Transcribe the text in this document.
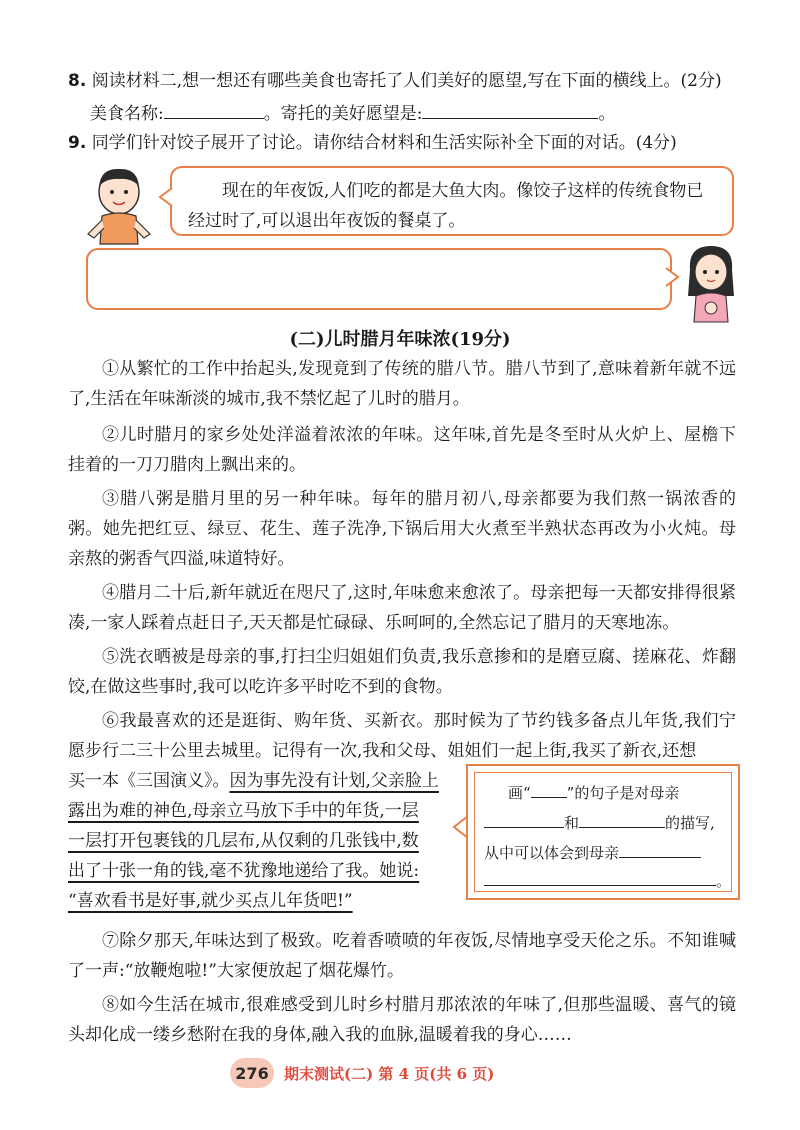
8. 阅读材料二,想一想还有哪些美食也寄托了人们美好的愿望,写在下面的横线上。(2分)
美食名称:	。寄托的美好愿望是:	。
9. 同学们针对饺子展开了讨论。请你结合材料和生活实际补全下面的对话。(4分)
现在的年夜饭,人们吃的都是大鱼大肉。像饺子这样的传统食物已经过时了,可以退出年夜饭的餐桌了。
(二)儿时腊月年味浓(19分)

①从繁忙的工作中抬起头,发现竟到了传统的腊八节。腊八节到了,意味着新年就不远了,生活在年味渐淡的城市,我不禁忆起了儿时的腊月。

②儿时腊月的家乡处处洋溢着浓浓的年味。这年味,首先是冬至时从火炉上、屋檐下挂着的一刀刀腊肉上飘出来的。

③腊八粥是腊月里的另一种年味。每年的腊月初八,母亲都要为我们熬一锅浓香的粥。她先把红豆、绿豆、花生、莲子洗净,下锅后用大火煮至半熟状态再改为小火炖。母亲熬的粥香气四溢,味道特好。

④腊月二十后,新年就近在咫尺了,这时,年味愈来愈浓了。母亲把每一天都安排得很紧凑,一家人踩着点赶日子,天天都是忙碌碌、乐呵呵的,全然忘记了腊月的天寒地冻。

⑤洗衣晒被是母亲的事,打扫尘归姐姐们负责,我乐意掺和的是磨豆腐、搓麻花、炸翻饺,在做这些事时,我可以吃许多平时吃不到的食物。

⑥我最喜欢的还是逛街、购年货、买新衣。那时候为了节约钱多备点儿年货,我们宁愿步行二三十公里去城里。记得有一次,我和父母、姐姐们一起上街,我买了新衣,还想

买一本《三国演义》。因为事先没有计划,父亲脸上
露出为难的神色,母亲立马放下手中的年货,一层
一层打开包裹钱的几层布,从仅剩的几张钱中,数
出了十张一角的钱,毫不犹豫地递给了我。她说:
“喜欢看书是好事,就少买点儿年货吧!”
画“ ”的句子是对母亲
和	的描写,
从中可以体会到母亲
。

⑦除夕那天,年味达到了极致。吃着香喷喷的年夜饭,尽情地享受天伦之乐。不知谁喊了一声:“放鞭炮啦!”大家便放起了烟花爆竹。

⑧如今生活在城市,很难感受到儿时乡村腊月那浓浓的年味了,但那些温暖、喜气的镜头却化成一缕乡愁附在我的身体,融入我的血脉,温暖着我的身心……

276	期末测试(二) 第 4 页(共 6 页)
